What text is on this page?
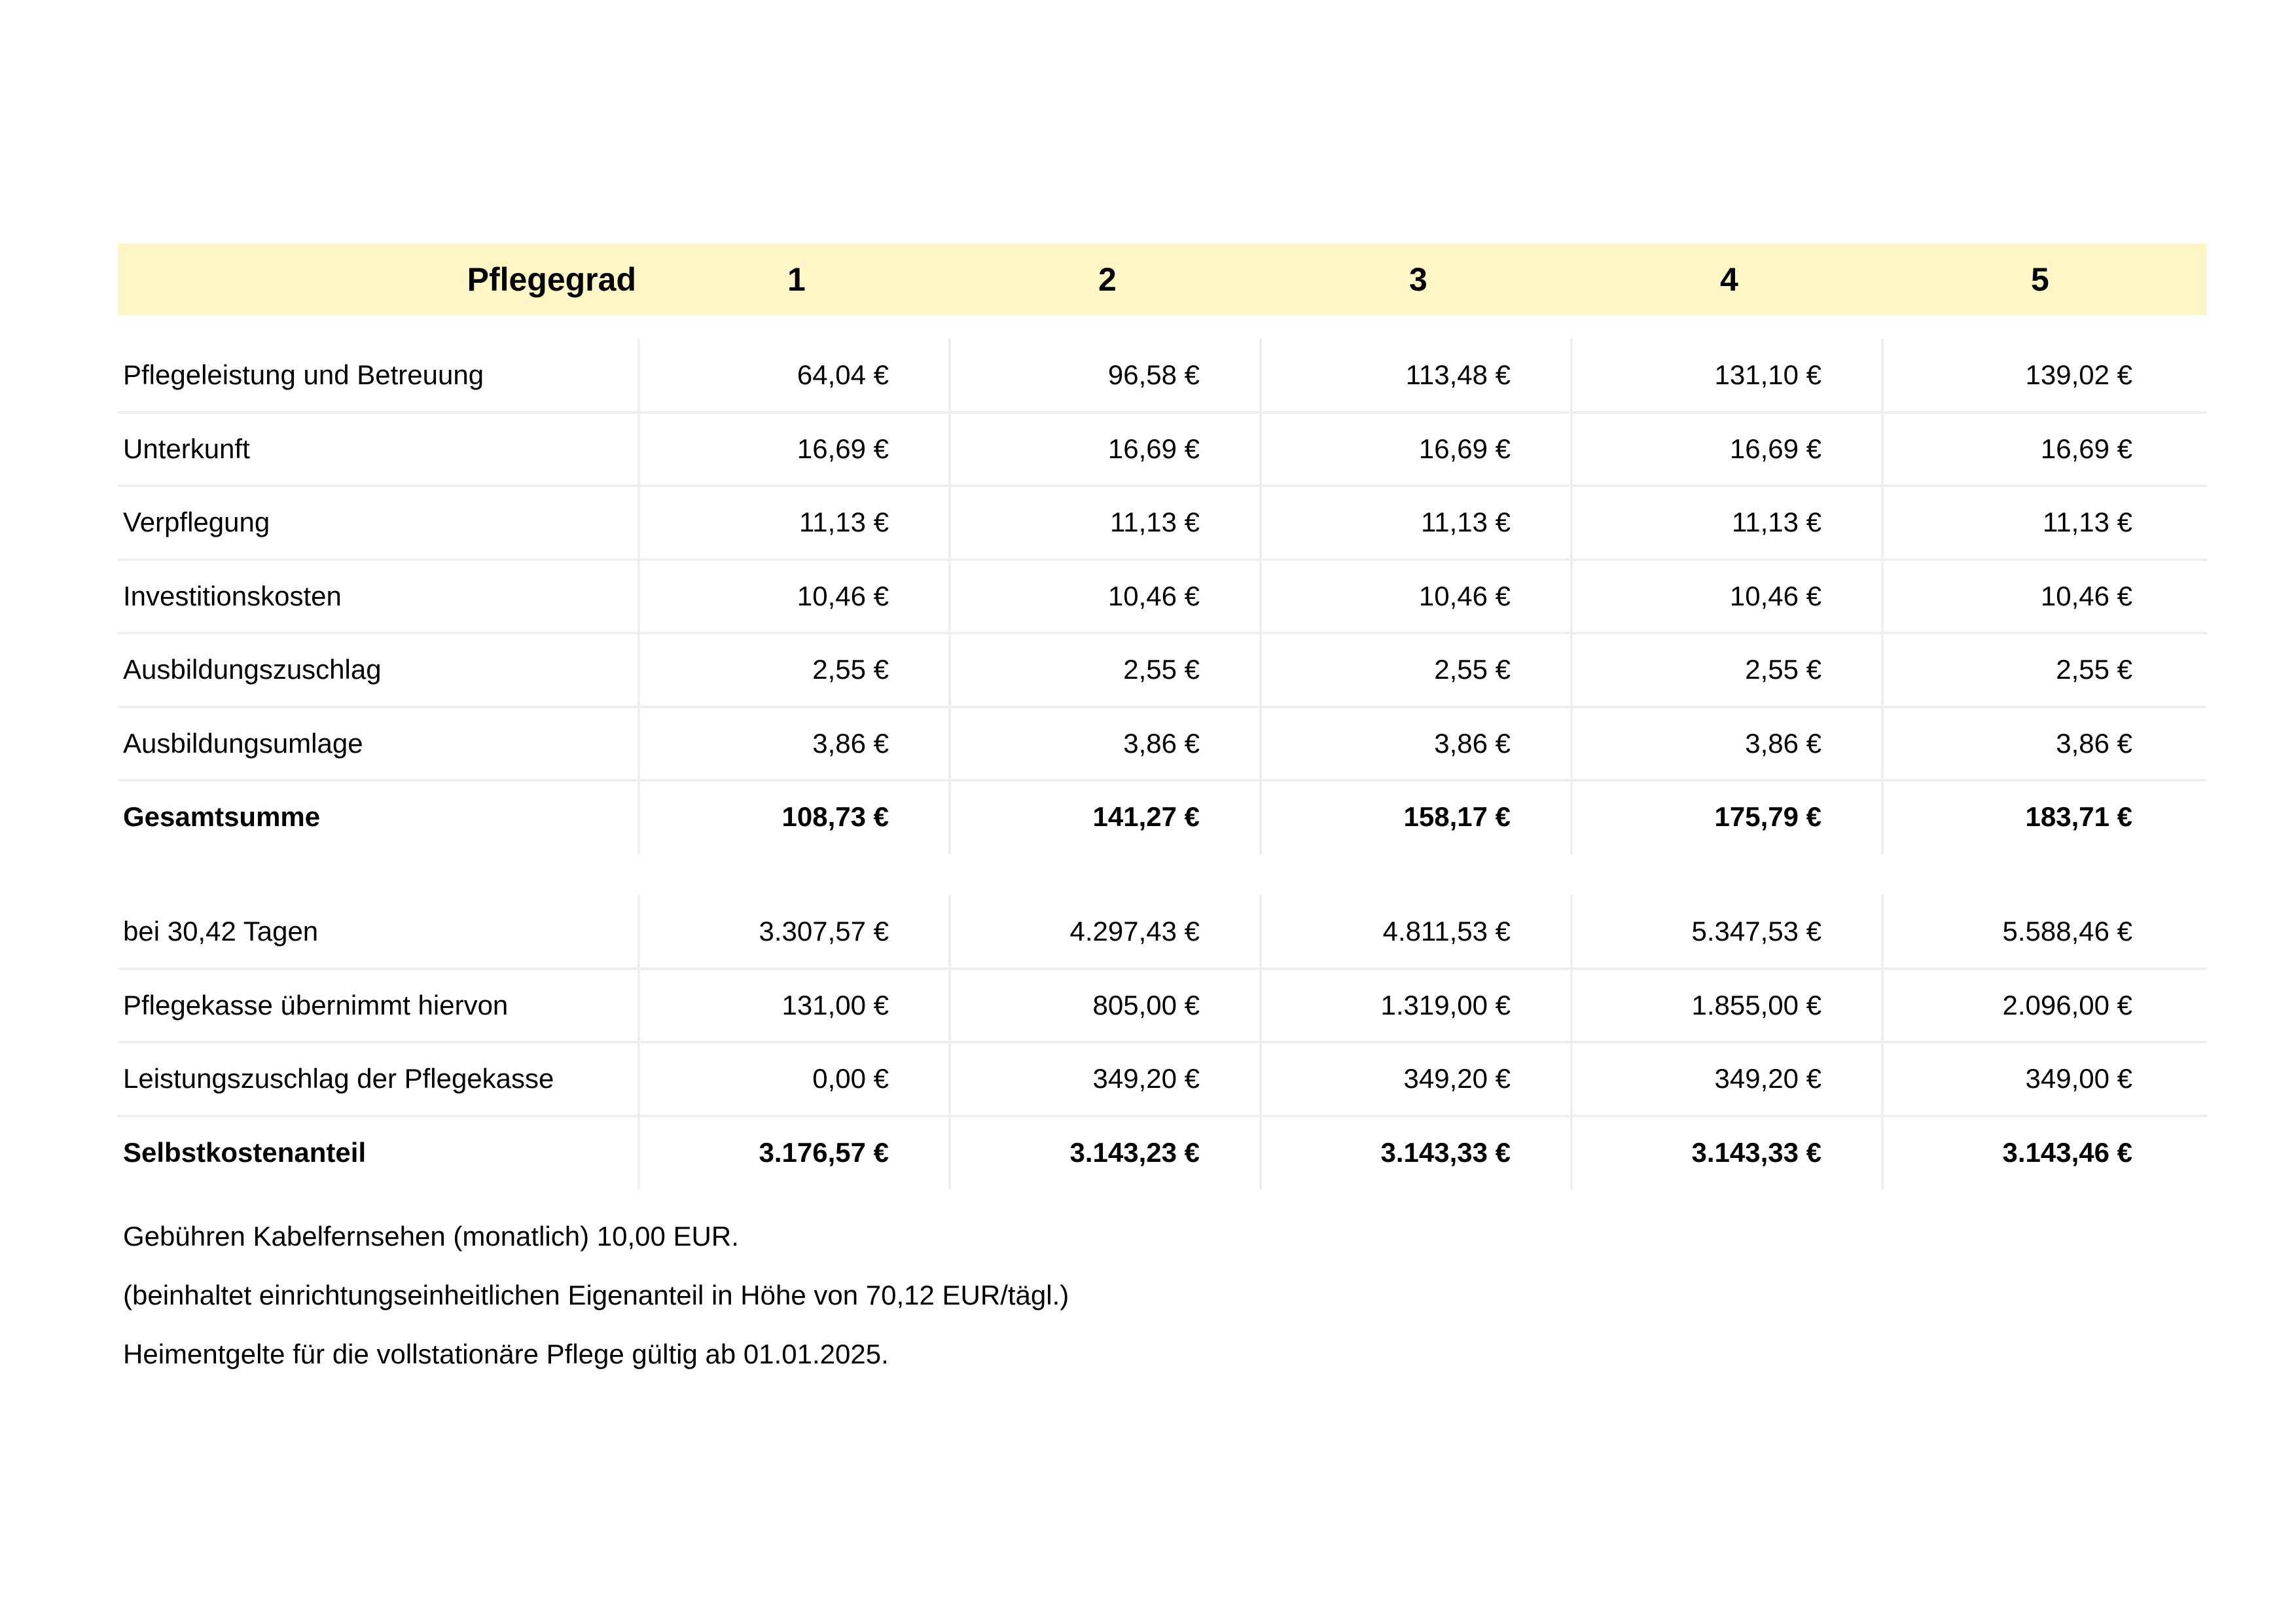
Pflegegrad	1	2	3	4	5
Pflegeleistung und Betreuung	64,04 €	96,58 €	113,48 €	131,10 €	139,02 €
Unterkunft	16,69 €	16,69 €	16,69 €	16,69 €	16,69 €
Verpflegung	11,13 €	11,13 €	11,13 €	11,13 €	11,13 €
Investitionskosten	10,46 €	10,46 €	10,46 €	10,46 €	10,46 €
Ausbildungszuschlag	2,55 €	2,55 €	2,55 €	2,55 €	2,55 €
Ausbildungsumlage	3,86 €	3,86 €	3,86 €	3,86 €	3,86 €
Gesamtsumme	108,73 €	141,27 €	158,17 €	175,79 €	183,71 €
bei 30,42 Tagen	3.307,57 €	4.297,43 €	4.811,53 €	5.347,53 €	5.588,46 €
Pflegekasse übernimmt hiervon	131,00 €	805,00 €	1.319,00 €	1.855,00 €	2.096,00 €
Leistungszuschlag der Pflegekasse	0,00 €	349,20 €	349,20 €	349,20 €	349,00 €
Selbstkostenanteil	3.176,57 €	3.143,23 €	3.143,33 €	3.143,33 €	3.143,46 €
Gebühren Kabelfernsehen (monatlich) 10,00 EUR.
(beinhaltet einrichtungseinheitlichen Eigenanteil in Höhe von 70,12 EUR/tägl.)
Heimentgelte für die vollstationäre Pflege gültig ab 01.01.2025.
